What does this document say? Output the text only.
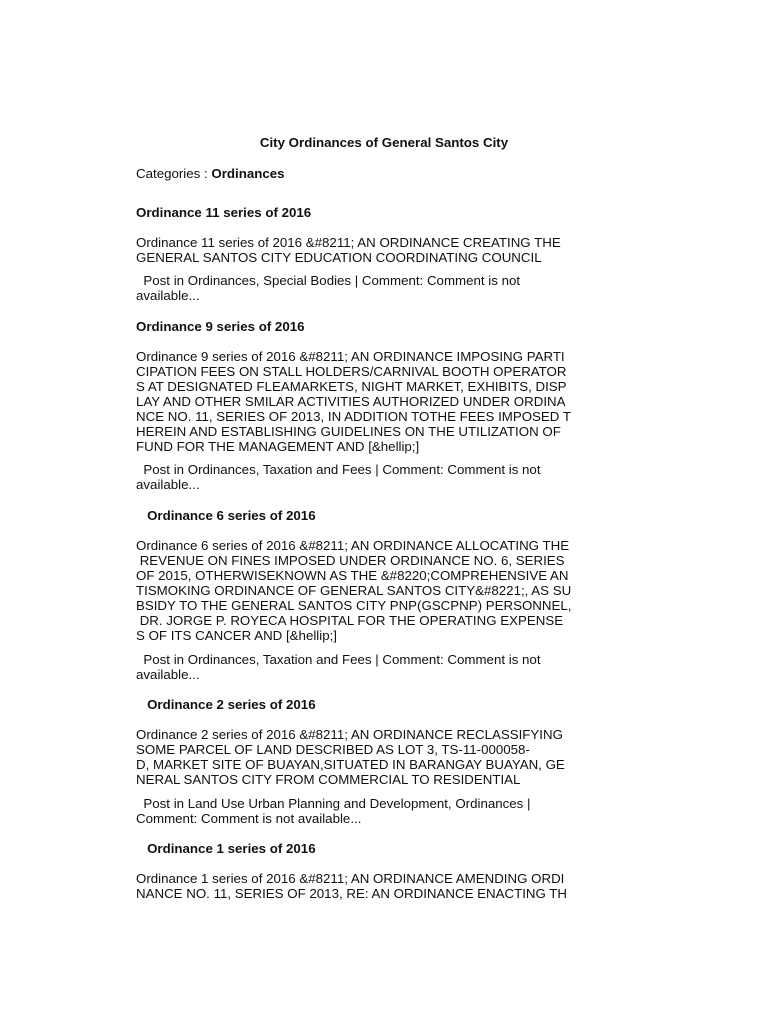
City Ordinances of General Santos City
Categories : Ordinances
Ordinance 11 series of 2016
Ordinance 11 series of 2016 &#8211; AN ORDINANCE CREATING THE
GENERAL SANTOS CITY EDUCATION COORDINATING COUNCIL
Post in Ordinances, Special Bodies | Comment: Comment is not
available...
Ordinance 9 series of 2016
Ordinance 9 series of 2016 &#8211; AN ORDINANCE IMPOSING PARTI
CIPATION FEES ON STALL HOLDERS/CARNIVAL BOOTH OPERATOR
S AT DESIGNATED FLEAMARKETS, NIGHT MARKET, EXHIBITS, DISP
LAY AND OTHER SMILAR ACTIVITIES AUTHORIZED UNDER ORDINA
NCE NO. 11, SERIES OF 2013, IN ADDITION TOTHE FEES IMPOSED T
HEREIN AND ESTABLISHING GUIDELINES ON THE UTILIZATION OF
FUND FOR THE MANAGEMENT AND [&hellip;]
Post in Ordinances, Taxation and Fees | Comment: Comment is not
available...
Ordinance 6 series of 2016
Ordinance 6 series of 2016 &#8211; AN ORDINANCE ALLOCATING THE
REVENUE ON FINES IMPOSED UNDER ORDINANCE NO. 6, SERIES
OF 2015, OTHERWISEKNOWN AS THE &#8220;COMPREHENSIVE AN
TISMOKING ORDINANCE OF GENERAL SANTOS CITY&#8221;, AS SU
BSIDY TO THE GENERAL SANTOS CITY PNP(GSCPNP) PERSONNEL,
DR. JORGE P. ROYECA HOSPITAL FOR THE OPERATING EXPENSE
S OF ITS CANCER AND [&hellip;]
Post in Ordinances, Taxation and Fees | Comment: Comment is not
available...
Ordinance 2 series of 2016
Ordinance 2 series of 2016 &#8211; AN ORDINANCE RECLASSIFYING
SOME PARCEL OF LAND DESCRIBED AS LOT 3, TS-11-000058-
D, MARKET SITE OF BUAYAN,SITUATED IN BARANGAY BUAYAN, GE
NERAL SANTOS CITY FROM COMMERCIAL TO RESIDENTIAL
Post in Land Use Urban Planning and Development, Ordinances |
Comment: Comment is not available...
Ordinance 1 series of 2016
Ordinance 1 series of 2016 &#8211; AN ORDINANCE AMENDING ORDI
NANCE NO. 11, SERIES OF 2013, RE: AN ORDINANCE ENACTING TH
